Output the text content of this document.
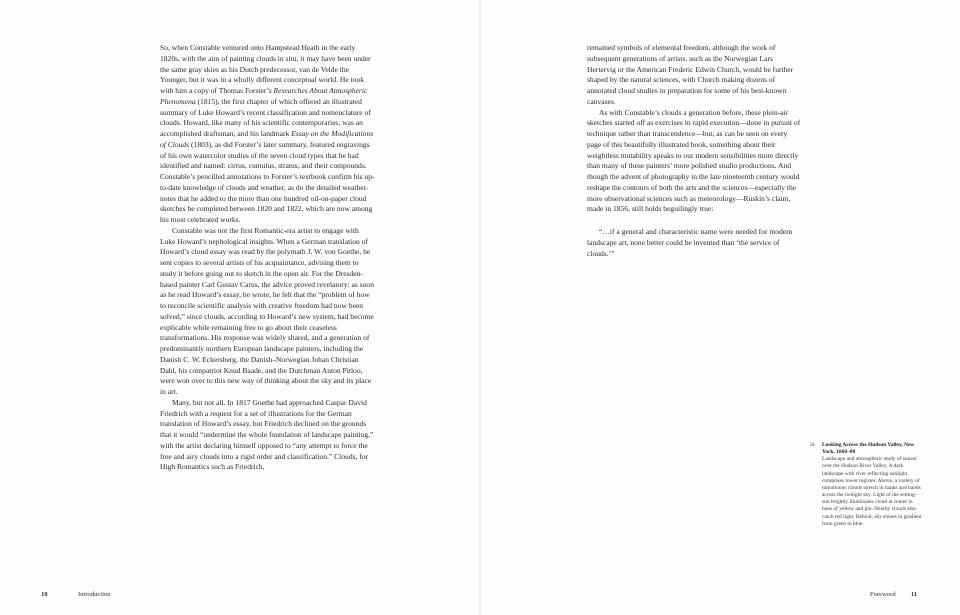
So, when Constable ventured onto Hampstead Heath in the early 1820s, with the aim of painting clouds in situ, it may have been under the same gray skies as his Dutch predecessor, van de Velde the Younger, but it was in a wholly different conceptual world. He took with him a copy of Thomas Forster’s Researches About Atmospheric Phenomena (1815), the first chapter of which offered an illustrated summary of Luke Howard’s recent classification and nomenclature of clouds. Howard, like many of his scientific contemporaries, was an accomplished draftsman, and his landmark Essay on the Modifications of Clouds (1803), as did Forster’s later summary, featured engravings of his own watercolor studies of the seven cloud types that he had identified and named: cirrus, cumulus, stratus, and their compounds. Constable’s pencilled annotations to Forster’s textbook confirm his up-to-date knowledge of clouds and weather, as do the detailed weather-notes that he added to the more than one hundred oil-on-paper cloud sketches he completed between 1820 and 1822, which are now among his most celebrated works.

Constable was not the first Romantic-era artist to engage with Luke Howard’s nephological insights. When a German translation of Howard’s cloud essay was read by the polymath J. W. von Goethe, he sent copies to several artists of his acquaintance, advising them to study it before going out to sketch in the open air. For the Dresden-based painter Carl Gustav Carus, the advice proved revelatory: as soon as he read Howard’s essay, he wrote, he felt that the “problem of how to reconcile scientific analysis with creative freedom had now been solved,” since clouds, according to Howard’s new system, had become explicable while remaining free to go about their ceaseless transformations. His response was widely shared, and a generation of predominantly northern European landscape painters, including the Danish C. W. Eckersberg, the Danish–Norwegian Johan Christian Dahl, his compatriot Knud Baade, and the Dutchman Anton Pitloo, were won over to this new way of thinking about the sky and its place in art.

Many, but not all. In 1817 Goethe had approached Caspar David Friedrich with a request for a set of illustrations for the German translation of Howard’s essay, but Friedrich declined on the grounds that it would “undermine the whole foundation of landscape painting,” with the artist declaring himself opposed to “any attempt to force the free and airy clouds into a rigid order and classification.” Clouds, for High Romantics such as Friedrich,

10	Introduction

remained symbols of elemental freedom, although the work of subsequent generations of artists, such as the Norwegian Lars Hertervig or the American Frederic Edwin Church, would be further shaped by the natural sciences, with Church making dozens of annotated cloud studies in preparation for some of his best-known canvases.

As with Constable’s clouds a generation before, these plein-air sketches started off as exercises in rapid execution—done in pursuit of technique rather than transcendence—but, as can be seen on every page of this beautifully illustrated book, something about their weightless mutability speaks to our modern sensibilities more directly than many of these painters’ more polished studio productions. And though the advent of photography in the late nineteenth century would reshape the contours of both the arts and the sciences—especially the more observational sciences such as meteorology—Ruskin’s claim, made in 1856, still holds beguilingly true:

“…if a general and characteristic name were needed for modern landscape art, none better could be invented than ‘the service of clouds.’”

iii. Looking Across the Hudson Valley, New York, 1860–80
Landscape and atmospheric study of sunset over the Hudson River Valley. A dark landscape with river reflecting sunlight comprises lower register. Above, a variety of tumultuous clouds stretch in banks and bands across the twilight sky. Light of the setting-sun brightly illuminates cloud at center in hues of yellow and pin. Nearby clouds also catch red light. Behind, sky shines in gradient from green to blue.
Foreword 11
